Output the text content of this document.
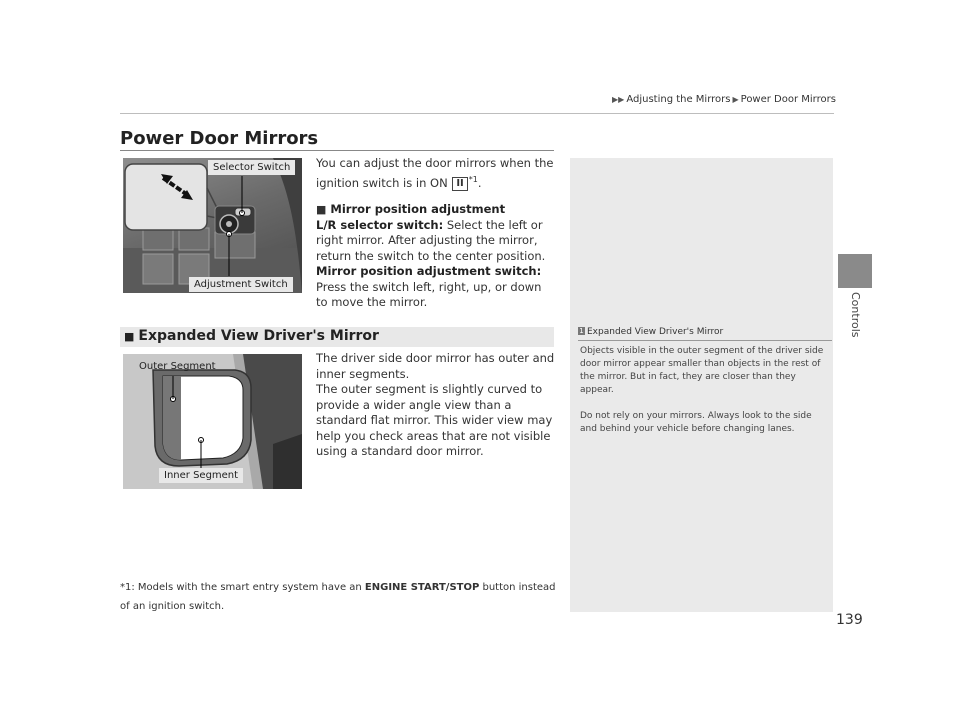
▶▶ Adjusting the Mirrors ▶ Power Door Mirrors
Controls
Power Door Mirrors
Selector Switch
Adjustment Switch
You can adjust the door mirrors when the ignition switch is in ON II $^{*1}$.
■ Mirror position adjustment
L/R selector switch: Select the left or right mirror. After adjusting the mirror, return the switch to the center position.
Mirror position adjustment switch: Press the switch left, right, up, or down to move the mirror.
■ Expanded View Driver's Mirror
Outer Segment
Inner Segment
The driver side door mirror has outer and inner segments.
The outer segment is slightly curved to provide a wider angle view than a standard flat mirror. This wider view may help you check areas that are not visible using a standard door mirror.
*1: Models with the smart entry system have an ENGINE START/STOP button instead of an ignition switch.
1 Expanded View Driver's Mirror
Objects visible in the outer segment of the driver side door mirror appear smaller than objects in the rest of the mirror. But in fact, they are closer than they appear.
Do not rely on your mirrors. Always look to the side and behind your vehicle before changing lanes.
139
